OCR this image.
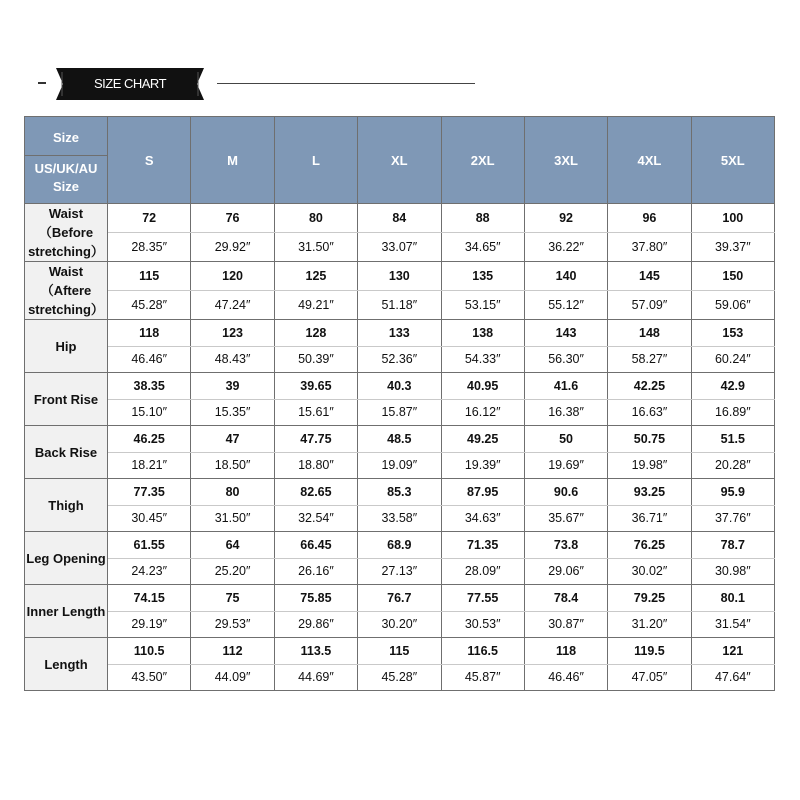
SIZE CHART
Size
US/UK/AU Size	S	M	L	XL	2XL	3XL	4XL	5XL
Waist （Before stretching）	72	76	80	84	88	92	96	100
	28.35″	29.92″	31.50″	33.07″	34.65″	36.22″	37.80″	39.37″
Waist （Aftere stretching）	115	120	125	130	135	140	145	150
	45.28″	47.24″	49.21″	51.18″	53.15″	55.12″	57.09″	59.06″
Hip	118	123	128	133	138	143	148	153
	46.46″	48.43″	50.39″	52.36″	54.33″	56.30″	58.27″	60.24″
Front Rise	38.35	39	39.65	40.3	40.95	41.6	42.25	42.9
	15.10″	15.35″	15.61″	15.87″	16.12″	16.38″	16.63″	16.89″
Back Rise	46.25	47	47.75	48.5	49.25	50	50.75	51.5
	18.21″	18.50″	18.80″	19.09″	19.39″	19.69″	19.98″	20.28″
Thigh	77.35	80	82.65	85.3	87.95	90.6	93.25	95.9
	30.45″	31.50″	32.54″	33.58″	34.63″	35.67″	36.71″	37.76″
Leg Opening	61.55	64	66.45	68.9	71.35	73.8	76.25	78.7
	24.23″	25.20″	26.16″	27.13″	28.09″	29.06″	30.02″	30.98″
Inner Length	74.15	75	75.85	76.7	77.55	78.4	79.25	80.1
	29.19″	29.53″	29.86″	30.20″	30.53″	30.87″	31.20″	31.54″
Length	110.5	112	113.5	115	116.5	118	119.5	121
	43.50″	44.09″	44.69″	45.28″	45.87″	46.46″	47.05″	47.64″
